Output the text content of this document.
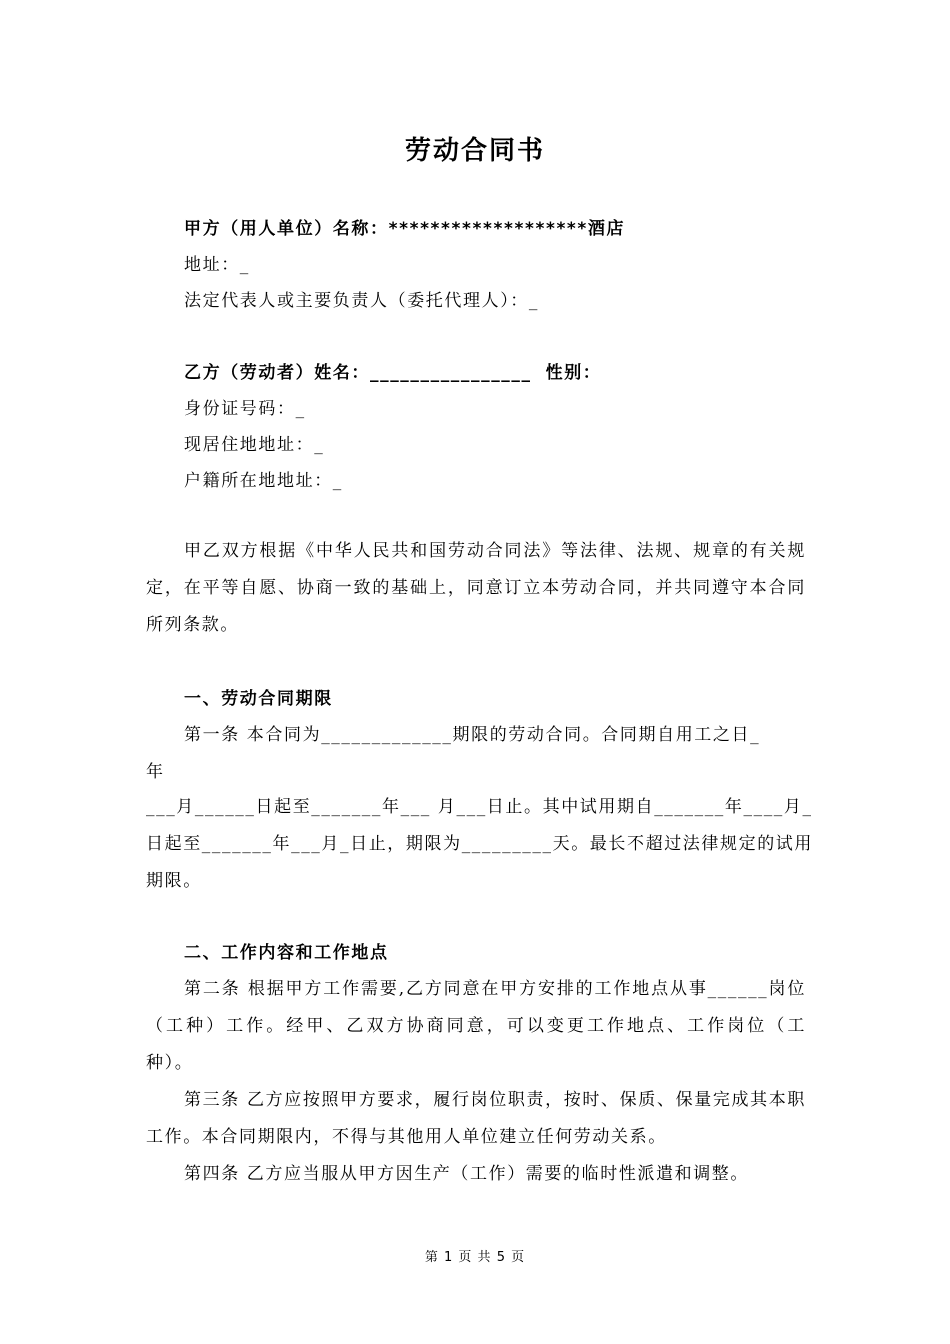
劳动合同书
甲方（用人单位）名称：*******************酒店
地址：_
法定代表人或主要负责人（委托代理人）：_
乙方（劳动者）姓名：________________ 性别：
身份证号码：_
现居住地地址：_
户籍所在地地址：_
甲乙双方根据《中华人民共和国劳动合同法》等法律、法规、规章的有关规定，在平等自愿、协商一致的基础上，同意订立本劳动合同，并共同遵守本合同所列条款。
一、劳动合同期限
第一条 本合同为_____________期限的劳动合同。合同期自用工之日_
年
___月______日起至_______年___ 月___日止。其中试用期自_______年____月_
日起至_______年___月_日止，期限为_________天。最长不超过法律规定的试用
期限。
二、工作内容和工作地点
第二条 根据甲方工作需要,乙方同意在甲方安排的工作地点从事______岗位（工种）工作。经甲、乙双方协商同意，可以变更工作地点、工作岗位（工种）。
第三条 乙方应按照甲方要求，履行岗位职责，按时、保质、保量完成其本职工作。本合同期限内，不得与其他用人单位建立任何劳动关系。
第四条 乙方应当服从甲方因生产（工作）需要的临时性派遣和调整。
第 1 页 共 5 页
